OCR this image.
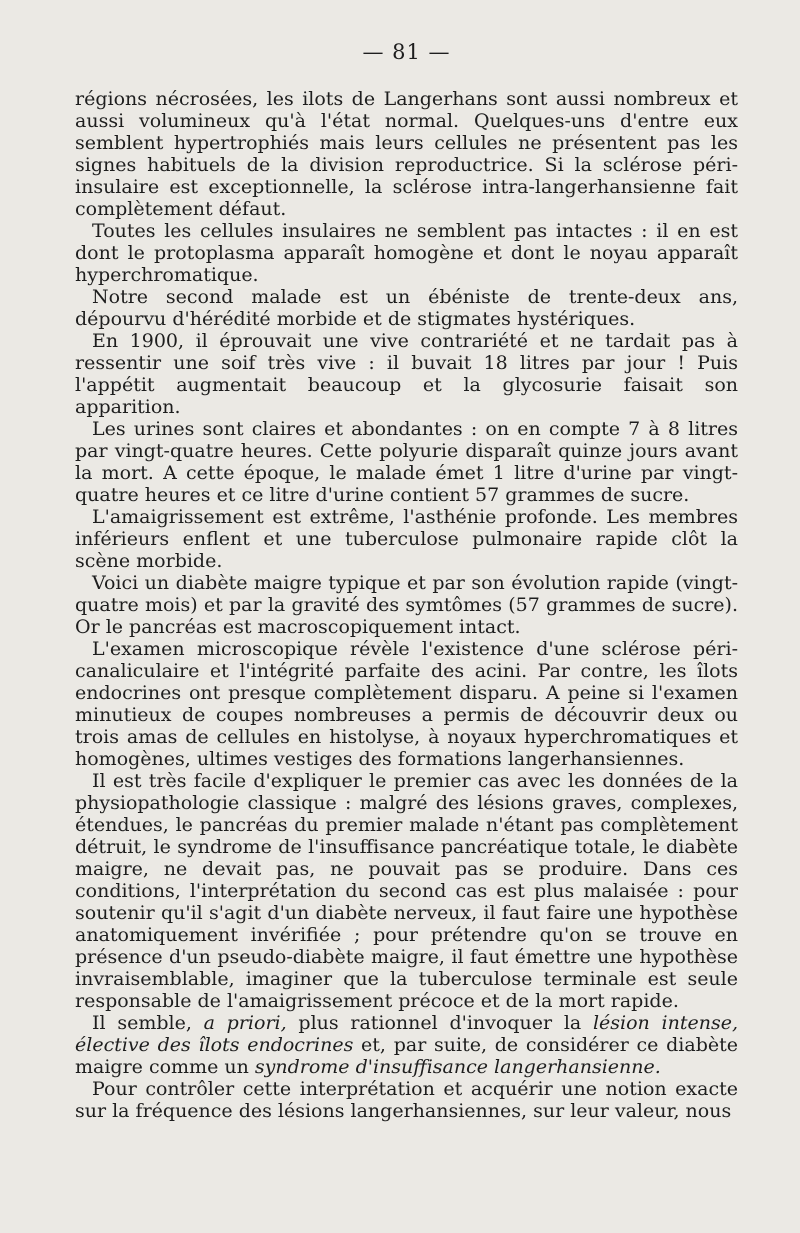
— 81 —

régions nécrosées, les ilots de Langerhans sont aussi nombreux et aussi volumineux qu'à l'état normal. Quelques-uns d'entre eux semblent hypertrophiés mais leurs cellules ne présentent pas les signes habituels de la division reproductrice. Si la sclérose péri-insulaire est exceptionnelle, la sclérose intra-langerhansienne fait complètement défaut.

Toutes les cellules insulaires ne semblent pas intactes : il en est dont le protoplasma apparaît homogène et dont le noyau apparaît hyperchromatique.

Notre second malade est un ébéniste de trente-deux ans, dépourvu d'hérédité morbide et de stigmates hystériques.

En 1900, il éprouvait une vive contrariété et ne tardait pas à ressentir une soif très vive : il buvait 18 litres par jour ! Puis l'appétit augmentait beaucoup et la glycosurie faisait son apparition.

Les urines sont claires et abondantes : on en compte 7 à 8 litres par vingt-quatre heures. Cette polyurie disparaît quinze jours avant la mort. A cette époque, le malade émet 1 litre d'urine par vingt-quatre heures et ce litre d'urine contient 57 grammes de sucre.

L'amaigrissement est extrême, l'asthénie profonde. Les membres inférieurs enflent et une tuberculose pulmonaire rapide clôt la scène morbide.

Voici un diabète maigre typique et par son évolution rapide (vingt-quatre mois) et par la gravité des symtômes (57 grammes de sucre). Or le pancréas est macroscopiquement intact.

L'examen microscopique révèle l'existence d'une sclérose péri-canaliculaire et l'intégrité parfaite des acini. Par contre, les îlots endocrines ont presque complètement disparu. A peine si l'examen minutieux de coupes nombreuses a permis de découvrir deux ou trois amas de cellules en histolyse, à noyaux hyperchromatiques et homogènes, ultimes vestiges des formations langerhansiennes.

Il est très facile d'expliquer le premier cas avec les données de la physiopathologie classique : malgré des lésions graves, complexes, étendues, le pancréas du premier malade n'étant pas complètement détruit, le syndrome de l'insuffisance pancréatique totale, le diabète maigre, ne devait pas, ne pouvait pas se produire. Dans ces conditions, l'interprétation du second cas est plus malaisée : pour soutenir qu'il s'agit d'un diabète nerveux, il faut faire une hypothèse anatomiquement invérifiée ; pour prétendre qu'on se trouve en présence d'un pseudo-diabète maigre, il faut émettre une hypothèse invraisemblable, imaginer que la tuberculose terminale est seule responsable de l'amaigrissement précoce et de la mort rapide.

Il semble, a priori, plus rationnel d'invoquer la lésion intense, élective des îlots endocrines et, par suite, de considérer ce diabète maigre comme un syndrome d'insuffisance langerhansienne.

Pour contrôler cette interprétation et acquérir une notion exacte sur la fréquence des lésions langerhansiennes, sur leur valeur, nous
